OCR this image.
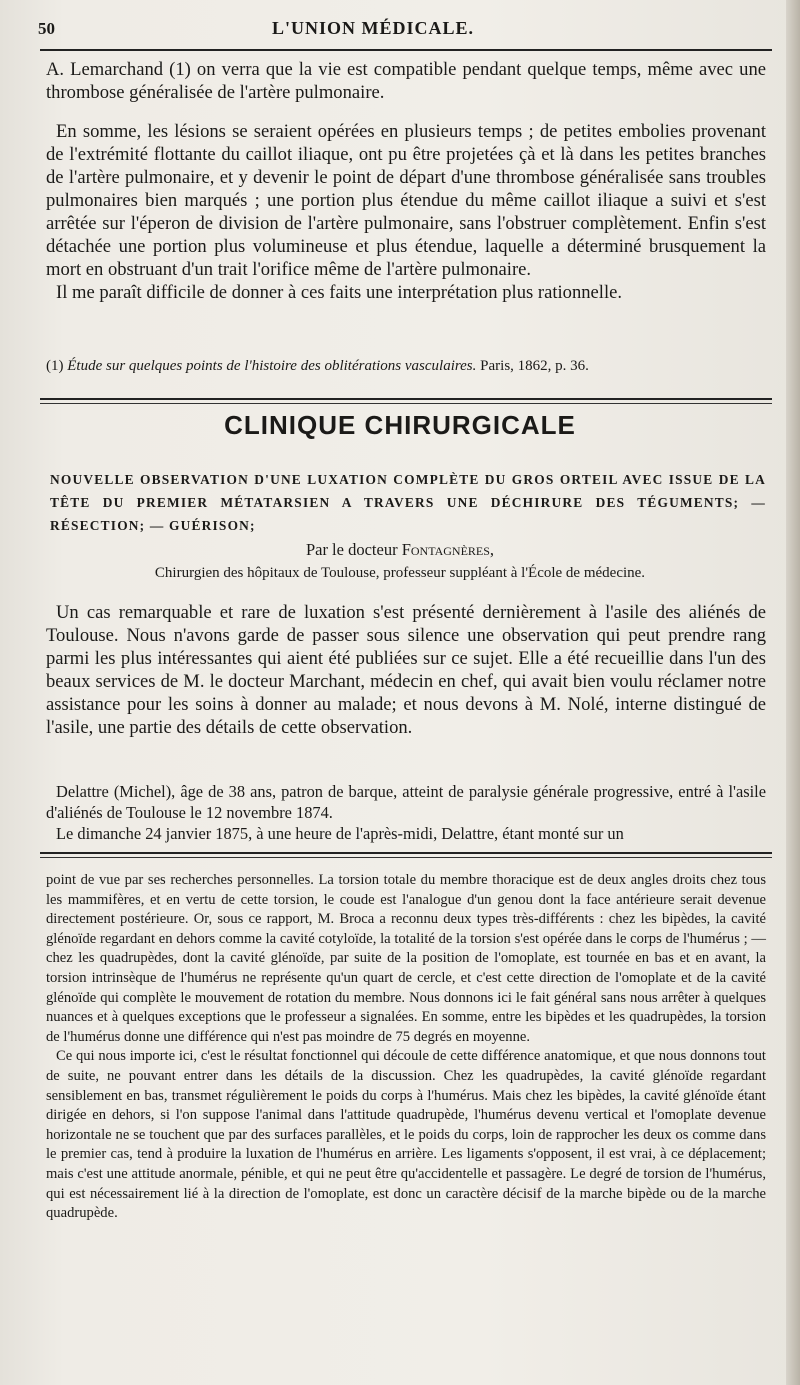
50	L'UNION MÉDICALE.

A. Lemarchand (1) on verra que la vie est compatible pendant quelque temps, même avec une thrombose généralisée de l'artère pulmonaire.

En somme, les lésions se seraient opérées en plusieurs temps ; de petites embolies provenant de l'extrémité flottante du caillot iliaque, ont pu être projetées çà et là dans les petites branches de l'artère pulmonaire, et y devenir le point de départ d'une thrombose généralisée sans troubles pulmonaires bien marqués ; une portion plus étendue du même caillot iliaque a suivi et s'est arrêtée sur l'éperon de division de l'artère pulmonaire, sans l'obstruer complètement. Enfin s'est détachée une portion plus volumineuse et plus étendue, laquelle a déterminé brusquement la mort en obstruant d'un trait l'orifice même de l'artère pulmonaire.

Il me paraît difficile de donner à ces faits une interprétation plus rationnelle.

(1) Étude sur quelques points de l'histoire des oblitérations vasculaires. Paris, 1862, p. 36.
CLINIQUE CHIRURGICALE
NOUVELLE OBSERVATION D'UNE LUXATION COMPLÈTE DU GROS ORTEIL AVEC ISSUE DE LA TÊTE DU PREMIER MÉTATARSIEN A TRAVERS UNE DÉCHIRURE DES TÉGUMENTS; — RÉSECTION; — GUÉRISON;
Par le docteur Fontagnères,
Chirurgien des hôpitaux de Toulouse, professeur suppléant à l'École de médecine.

Un cas remarquable et rare de luxation s'est présenté dernièrement à l'asile des aliénés de Toulouse. Nous n'avons garde de passer sous silence une observation qui peut prendre rang parmi les plus intéressantes qui aient été publiées sur ce sujet. Elle a été recueillie dans l'un des beaux services de M. le docteur Marchant, médecin en chef, qui avait bien voulu réclamer notre assistance pour les soins à donner au malade; et nous devons à M. Nolé, interne distingué de l'asile, une partie des détails de cette observation.

Delattre (Michel), âge de 38 ans, patron de barque, atteint de paralysie générale progressive, entré à l'asile d'aliénés de Toulouse le 12 novembre 1874.

Le dimanche 24 janvier 1875, à une heure de l'après-midi, Delattre, étant monté sur un

point de vue par ses recherches personnelles. La torsion totale du membre thoracique est de deux angles droits chez tous les mammifères, et en vertu de cette torsion, le coude est l'analogue d'un genou dont la face antérieure serait devenue directement postérieure. Or, sous ce rapport, M. Broca a reconnu deux types très-différents : chez les bipèdes, la cavité glénoïde regardant en dehors comme la cavité cotyloïde, la totalité de la torsion s'est opérée dans le corps de l'humérus ; — chez les quadrupèdes, dont la cavité glénoïde, par suite de la position de l'omoplate, est tournée en bas et en avant, la torsion intrinsèque de l'humérus ne représente qu'un quart de cercle, et c'est cette direction de l'omoplate et de la cavité glénoïde qui complète le mouvement de rotation du membre. Nous donnons ici le fait général sans nous arrêter à quelques nuances et à quelques exceptions que le professeur a signalées. En somme, entre les bipèdes et les quadrupèdes, la torsion de l'humérus donne une différence qui n'est pas moindre de 75 degrés en moyenne.

Ce qui nous importe ici, c'est le résultat fonctionnel qui découle de cette différence anatomique, et que nous donnons tout de suite, ne pouvant entrer dans les détails de la discussion. Chez les quadrupèdes, la cavité glénoïde regardant sensiblement en bas, transmet régulièrement le poids du corps à l'humérus. Mais chez les bipèdes, la cavité glénoïde étant dirigée en dehors, si l'on suppose l'animal dans l'attitude quadrupède, l'humérus devenu vertical et l'omoplate devenue horizontale ne se touchent que par des surfaces parallèles, et le poids du corps, loin de rapprocher les deux os comme dans le premier cas, tend à produire la luxation de l'humérus en arrière. Les ligaments s'opposent, il est vrai, à ce déplacement; mais c'est une attitude anormale, pénible, et qui ne peut être qu'accidentelle et passagère. Le degré de torsion de l'humérus, qui est nécessairement lié à la direction de l'omoplate, est donc un caractère décisif de la marche bipède ou de la marche quadrupède.
